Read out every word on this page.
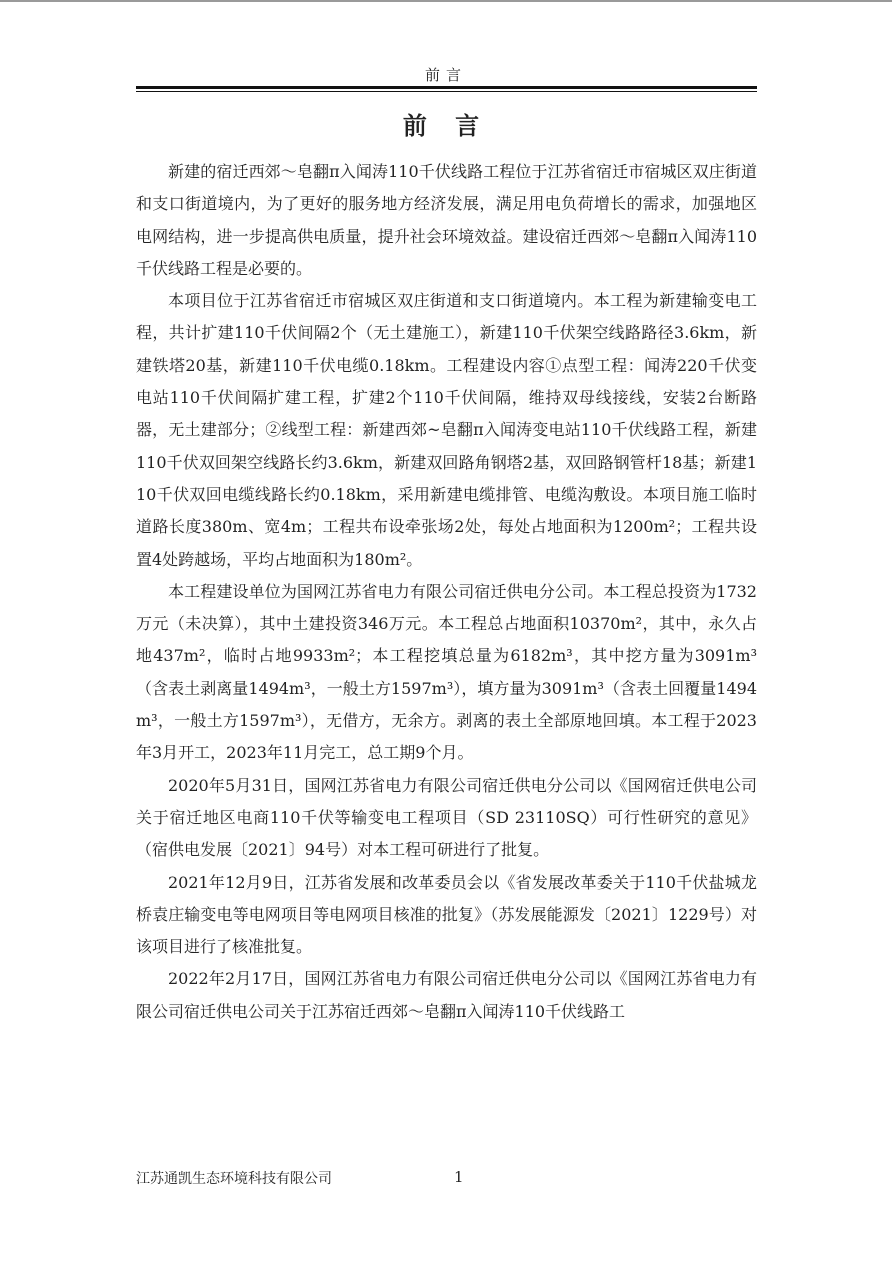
前言
前 言

新建的宿迁西郊～皂翻π入闻涛110千伏线路工程位于江苏省宿迁市宿城区双庄街道和支口街道境内，为了更好的服务地方经济发展，满足用电负荷增长的需求，加强地区电网结构，进一步提高供电质量，提升社会环境效益。建设宿迁西郊～皂翻π入闻涛110千伏线路工程是必要的。

本项目位于江苏省宿迁市宿城区双庄街道和支口街道境内。本工程为新建输变电工程，共计扩建110千伏间隔2个（无土建施工），新建110千伏架空线路路径3.6km，新建铁塔20基，新建110千伏电缆0.18km。工程建设内容①点型工程：闻涛220千伏变电站110千伏间隔扩建工程，扩建2个110千伏间隔，维持双母线接线，安装2台断路器，无土建部分；②线型工程：新建西郊~皂翻π入闻涛变电站110千伏线路工程，新建110千伏双回架空线路长约3.6km，新建双回路角钢塔2基，双回路钢管杆18基；新建110千伏双回电缆线路长约0.18km，采用新建电缆排管、电缆沟敷设。本项目施工临时道路长度380m、宽4m；工程共布设牵张场2处，每处占地面积为1200m²；工程共设置4处跨越场，平均占地面积为180m²。

本工程建设单位为国网江苏省电力有限公司宿迁供电分公司。本工程总投资为1732万元（未决算），其中土建投资346万元。本工程总占地面积10370m²，其中，永久占地437m²，临时占地9933m²；本工程挖填总量为6182m³，其中挖方量为3091m³（含表土剥离量1494m³，一般土方1597m³），填方量为3091m³（含表土回覆量1494m³，一般土方1597m³），无借方，无余方。剥离的表土全部原地回填。本工程于2023年3月开工，2023年11月完工，总工期9个月。

2020年5月31日，国网江苏省电力有限公司宿迁供电分公司以《国网宿迁供电公司关于宿迁地区电商110千伏等输变电工程项目（SD 23110SQ）可行性研究的意见》（宿供电发展〔2021〕94号）对本工程可研进行了批复。

2021年12月9日，江苏省发展和改革委员会以《省发展改革委关于110千伏盐城龙桥袁庄输变电等电网项目等电网项目核准的批复》（苏发展能源发〔2021〕1229号）对该项目进行了核准批复。

2022年2月17日，国网江苏省电力有限公司宿迁供电分公司以《国网江苏省电力有限公司宿迁供电公司关于江苏宿迁西郊～皂翻π入闻涛110千伏线路工

江苏通凯生态环境科技有限公司	1
